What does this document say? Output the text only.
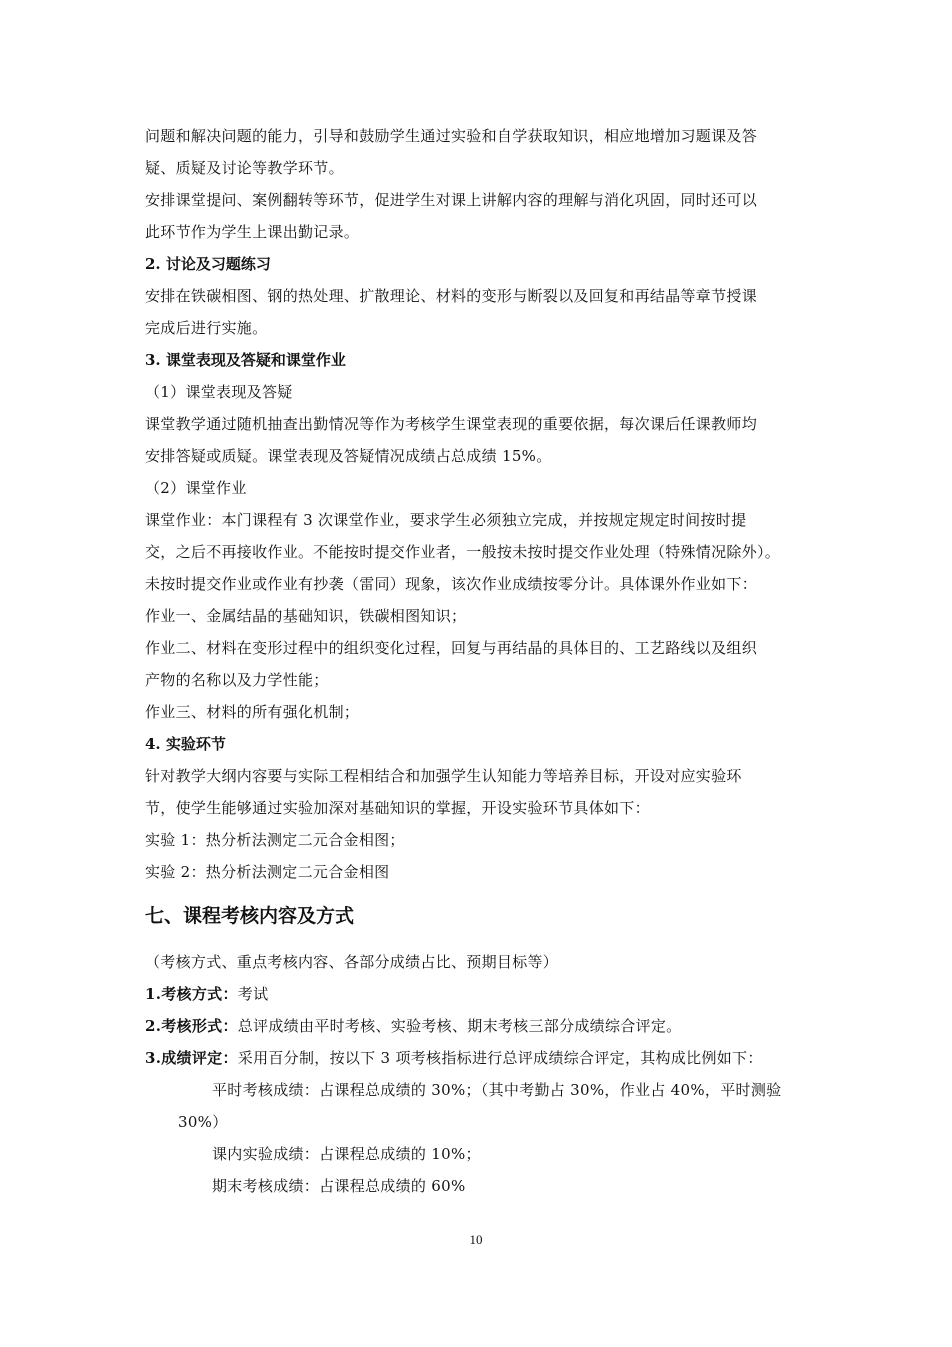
问题和解决问题的能力，引导和鼓励学生通过实验和自学获取知识，相应地增加习题课及答

疑、质疑及讨论等教学环节。

安排课堂提问、案例翻转等环节，促进学生对课上讲解内容的理解与消化巩固，同时还可以

此环节作为学生上课出勤记录。

2. 讨论及习题练习

安排在铁碳相图、钢的热处理、扩散理论、材料的变形与断裂以及回复和再结晶等章节授课

完成后进行实施。

3. 课堂表现及答疑和课堂作业

（1）课堂表现及答疑

课堂教学通过随机抽查出勤情况等作为考核学生课堂表现的重要依据，每次课后任课教师均

安排答疑或质疑。课堂表现及答疑情况成绩占总成绩 15%。

（2）课堂作业

课堂作业：本门课程有 3 次课堂作业，要求学生必须独立完成，并按规定规定时间按时提

交，之后不再接收作业。不能按时提交作业者，一般按未按时提交作业处理（特殊情况除外）。

未按时提交作业或作业有抄袭（雷同）现象，该次作业成绩按零分计。具体课外作业如下：

作业一、金属结晶的基础知识，铁碳相图知识；

作业二、材料在变形过程中的组织变化过程，回复与再结晶的具体目的、工艺路线以及组织

产物的名称以及力学性能；

作业三、材料的所有强化机制；

4. 实验环节

针对教学大纲内容要与实际工程相结合和加强学生认知能力等培养目标，开设对应实验环

节，使学生能够通过实验加深对基础知识的掌握，开设实验环节具体如下：

实验 1：热分析法测定二元合金相图；

实验 2：热分析法测定二元合金相图

七、课程考核内容及方式

（考核方式、重点考核内容、各部分成绩占比、预期目标等）

1.考核方式：考试

2.考核形式：总评成绩由平时考核、实验考核、期末考核三部分成绩综合评定。

3.成绩评定：采用百分制，按以下 3 项考核指标进行总评成绩综合评定，其构成比例如下：

平时考核成绩：占课程总成绩的 30%；（其中考勤占 30%，作业占 40%，平时测验

30%）

课内实验成绩：占课程总成绩的 10%；

期末考核成绩：占课程总成绩的 60%

10
